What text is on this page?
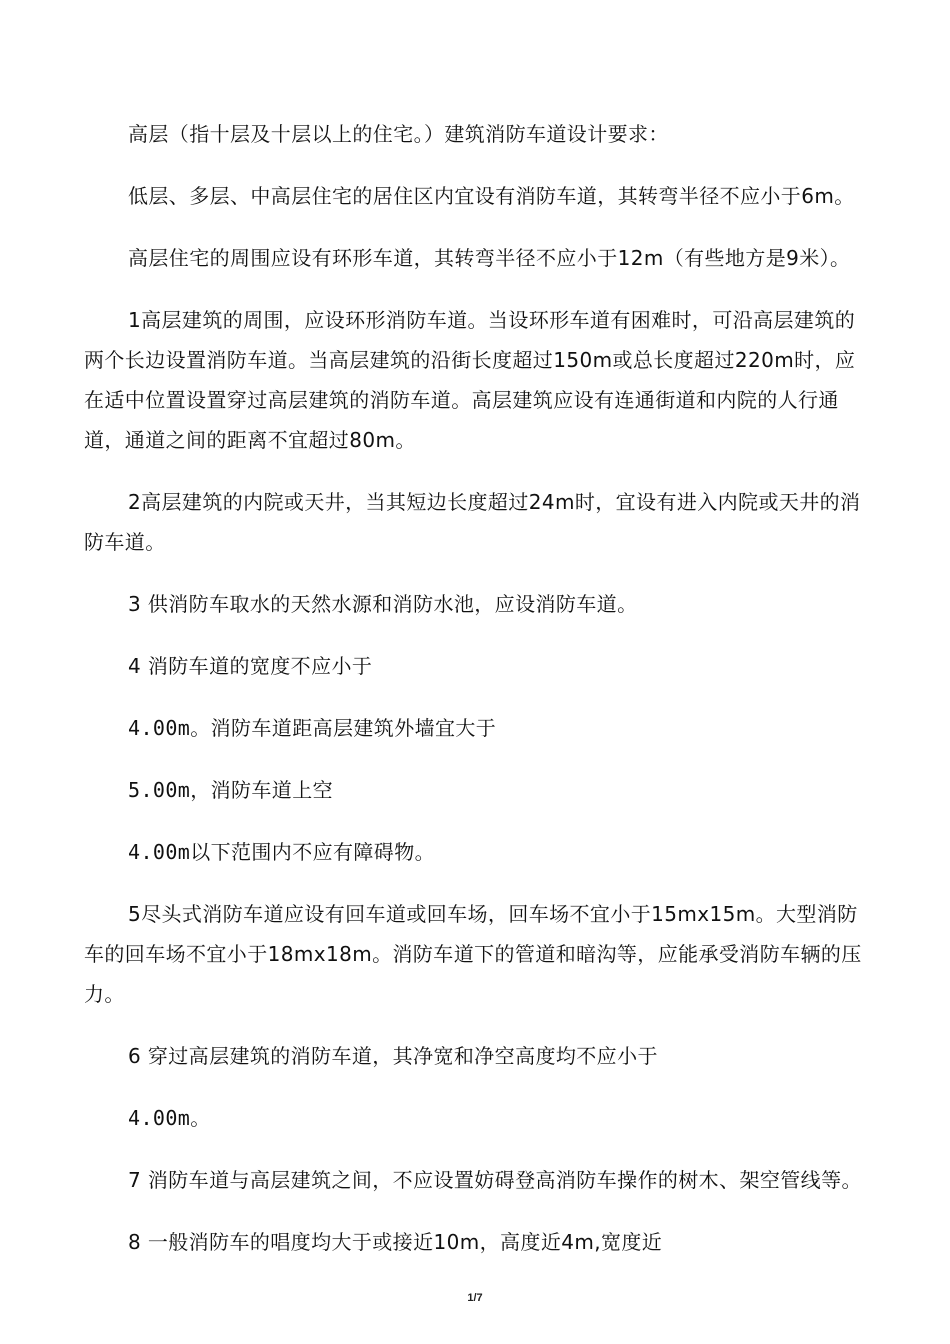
高层（指十层及十层以上的住宅。）建筑消防车道设计要求：

低层、多层、中高层住宅的居住区内宜设有消防车道，其转弯半径不应小于6m。

高层住宅的周围应设有环形车道，其转弯半径不应小于12m（有些地方是9米）。

1高层建筑的周围，应设环形消防车道。当设环形车道有困难时，可沿高层建筑的两个长边设置消防车道。当高层建筑的沿街长度超过150m或总长度超过220m时，应在适中位置设置穿过高层建筑的消防车道。高层建筑应设有连通街道和内院的人行通道，通道之间的距离不宜超过80m。

2高层建筑的内院或天井，当其短边长度超过24m时，宜设有进入内院或天井的消防车道。

3 供消防车取水的天然水源和消防水池，应设消防车道。

4 消防车道的宽度不应小于

4.00m。消防车道距高层建筑外墙宜大于

5.00m，消防车道上空

4.00m以下范围内不应有障碍物。

5尽头式消防车道应设有回车道或回车场，回车场不宜小于15mx15m。大型消防车的回车场不宜小于18mx18m。消防车道下的管道和暗沟等，应能承受消防车辆的压力。

6 穿过高层建筑的消防车道，其净宽和净空高度均不应小于

4.00m。

7 消防车道与高层建筑之间，不应设置妨碍登高消防车操作的树木、架空管线等。

8 一般消防车的唱度均大于或接近10m，高度近4m,宽度近

1/7
